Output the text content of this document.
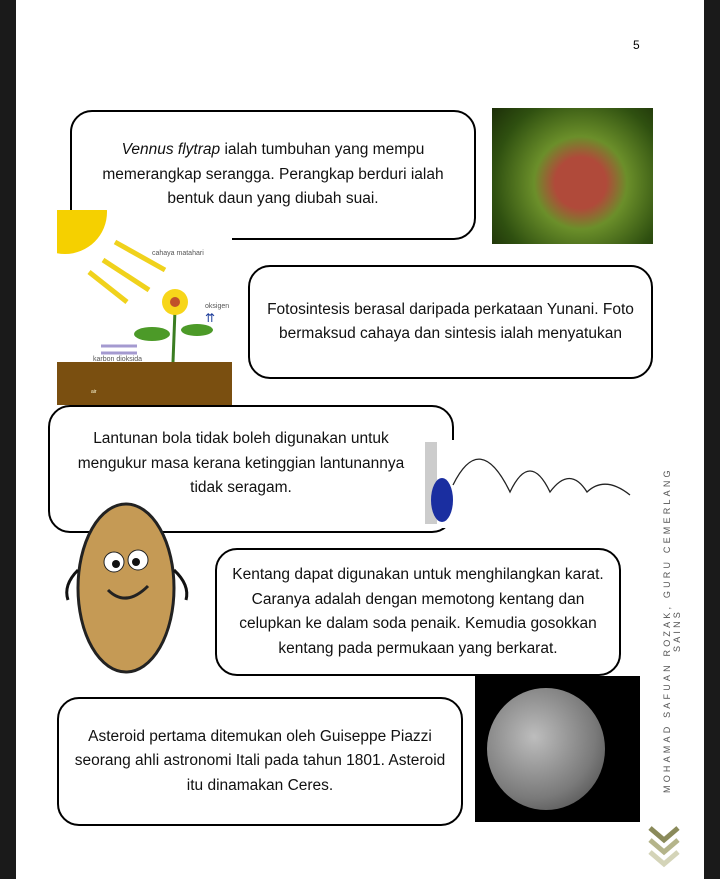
5
Vennus flytrap ialah tumbuhan yang mempu memerangkap serangga. Perangkap berduri ialah bentuk daun yang diubah suai.
cahaya matahari
oksigen
⇈
karbon dioksida
air
Fotosintesis berasal daripada perkataan Yunani. Foto bermaksud cahaya dan sintesis ialah menyatukan
Lantunan bola tidak boleh digunakan untuk mengukur masa kerana ketinggian lantunannya tidak seragam.
Kentang dapat digunakan untuk menghilangkan karat. Caranya adalah dengan memotong kentang dan celupkan ke dalam soda penaik. Kemudia gosokkan kentang pada permukaan yang berkarat.
Asteroid pertama ditemukan oleh Guiseppe Piazzi seorang ahli astronomi Itali pada tahun 1801. Asteroid itu dinamakan Ceres.	MOHAMAD SAFUAN ROZAK, GURU CEMERLANG SAINS
